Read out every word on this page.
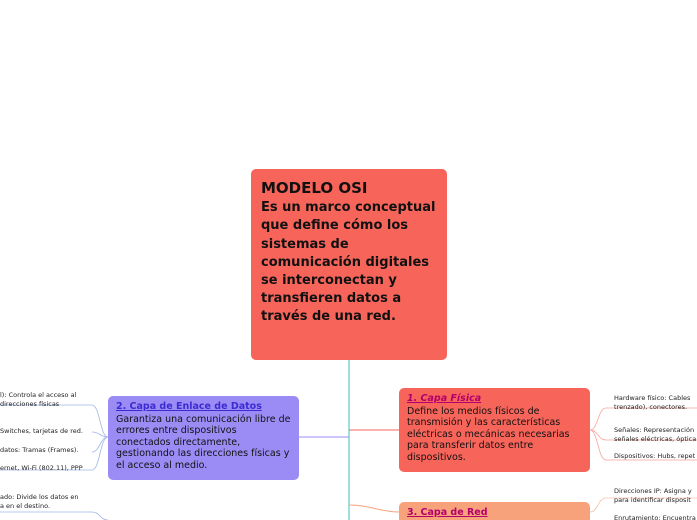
MODELO OSI
Es un marco conceptual que define cómo los sistemas de comunicación digitales se interconectan y transfieren datos a través de una red.
2. Capa de Enlace de Datos
Garantiza una comunicación libre de errores entre dispositivos conectados directamente, gestionando las direcciones físicas y el acceso al medio.
1. Capa Física
Define los medios físicos de transmisión y las características eléctricas o mecánicas necesarias para transferir datos entre dispositivos.
3. Capa de Red
l): Controla el acceso al
direcciones físicas
Switches, tarjetas de red.
datos: Tramas (Frames).
ernet, Wi-Fi (802.11), PPP
ado: Divide los datos en
a en el destino.
Hardware físico: Cables
trenzado), conectores.
Señales: Representación
señales eléctricas, óptica
Dispositivos: Hubs, repet
Direcciones IP: Asigna y
para identificar disposit
Enrutamiento: Encuentra
